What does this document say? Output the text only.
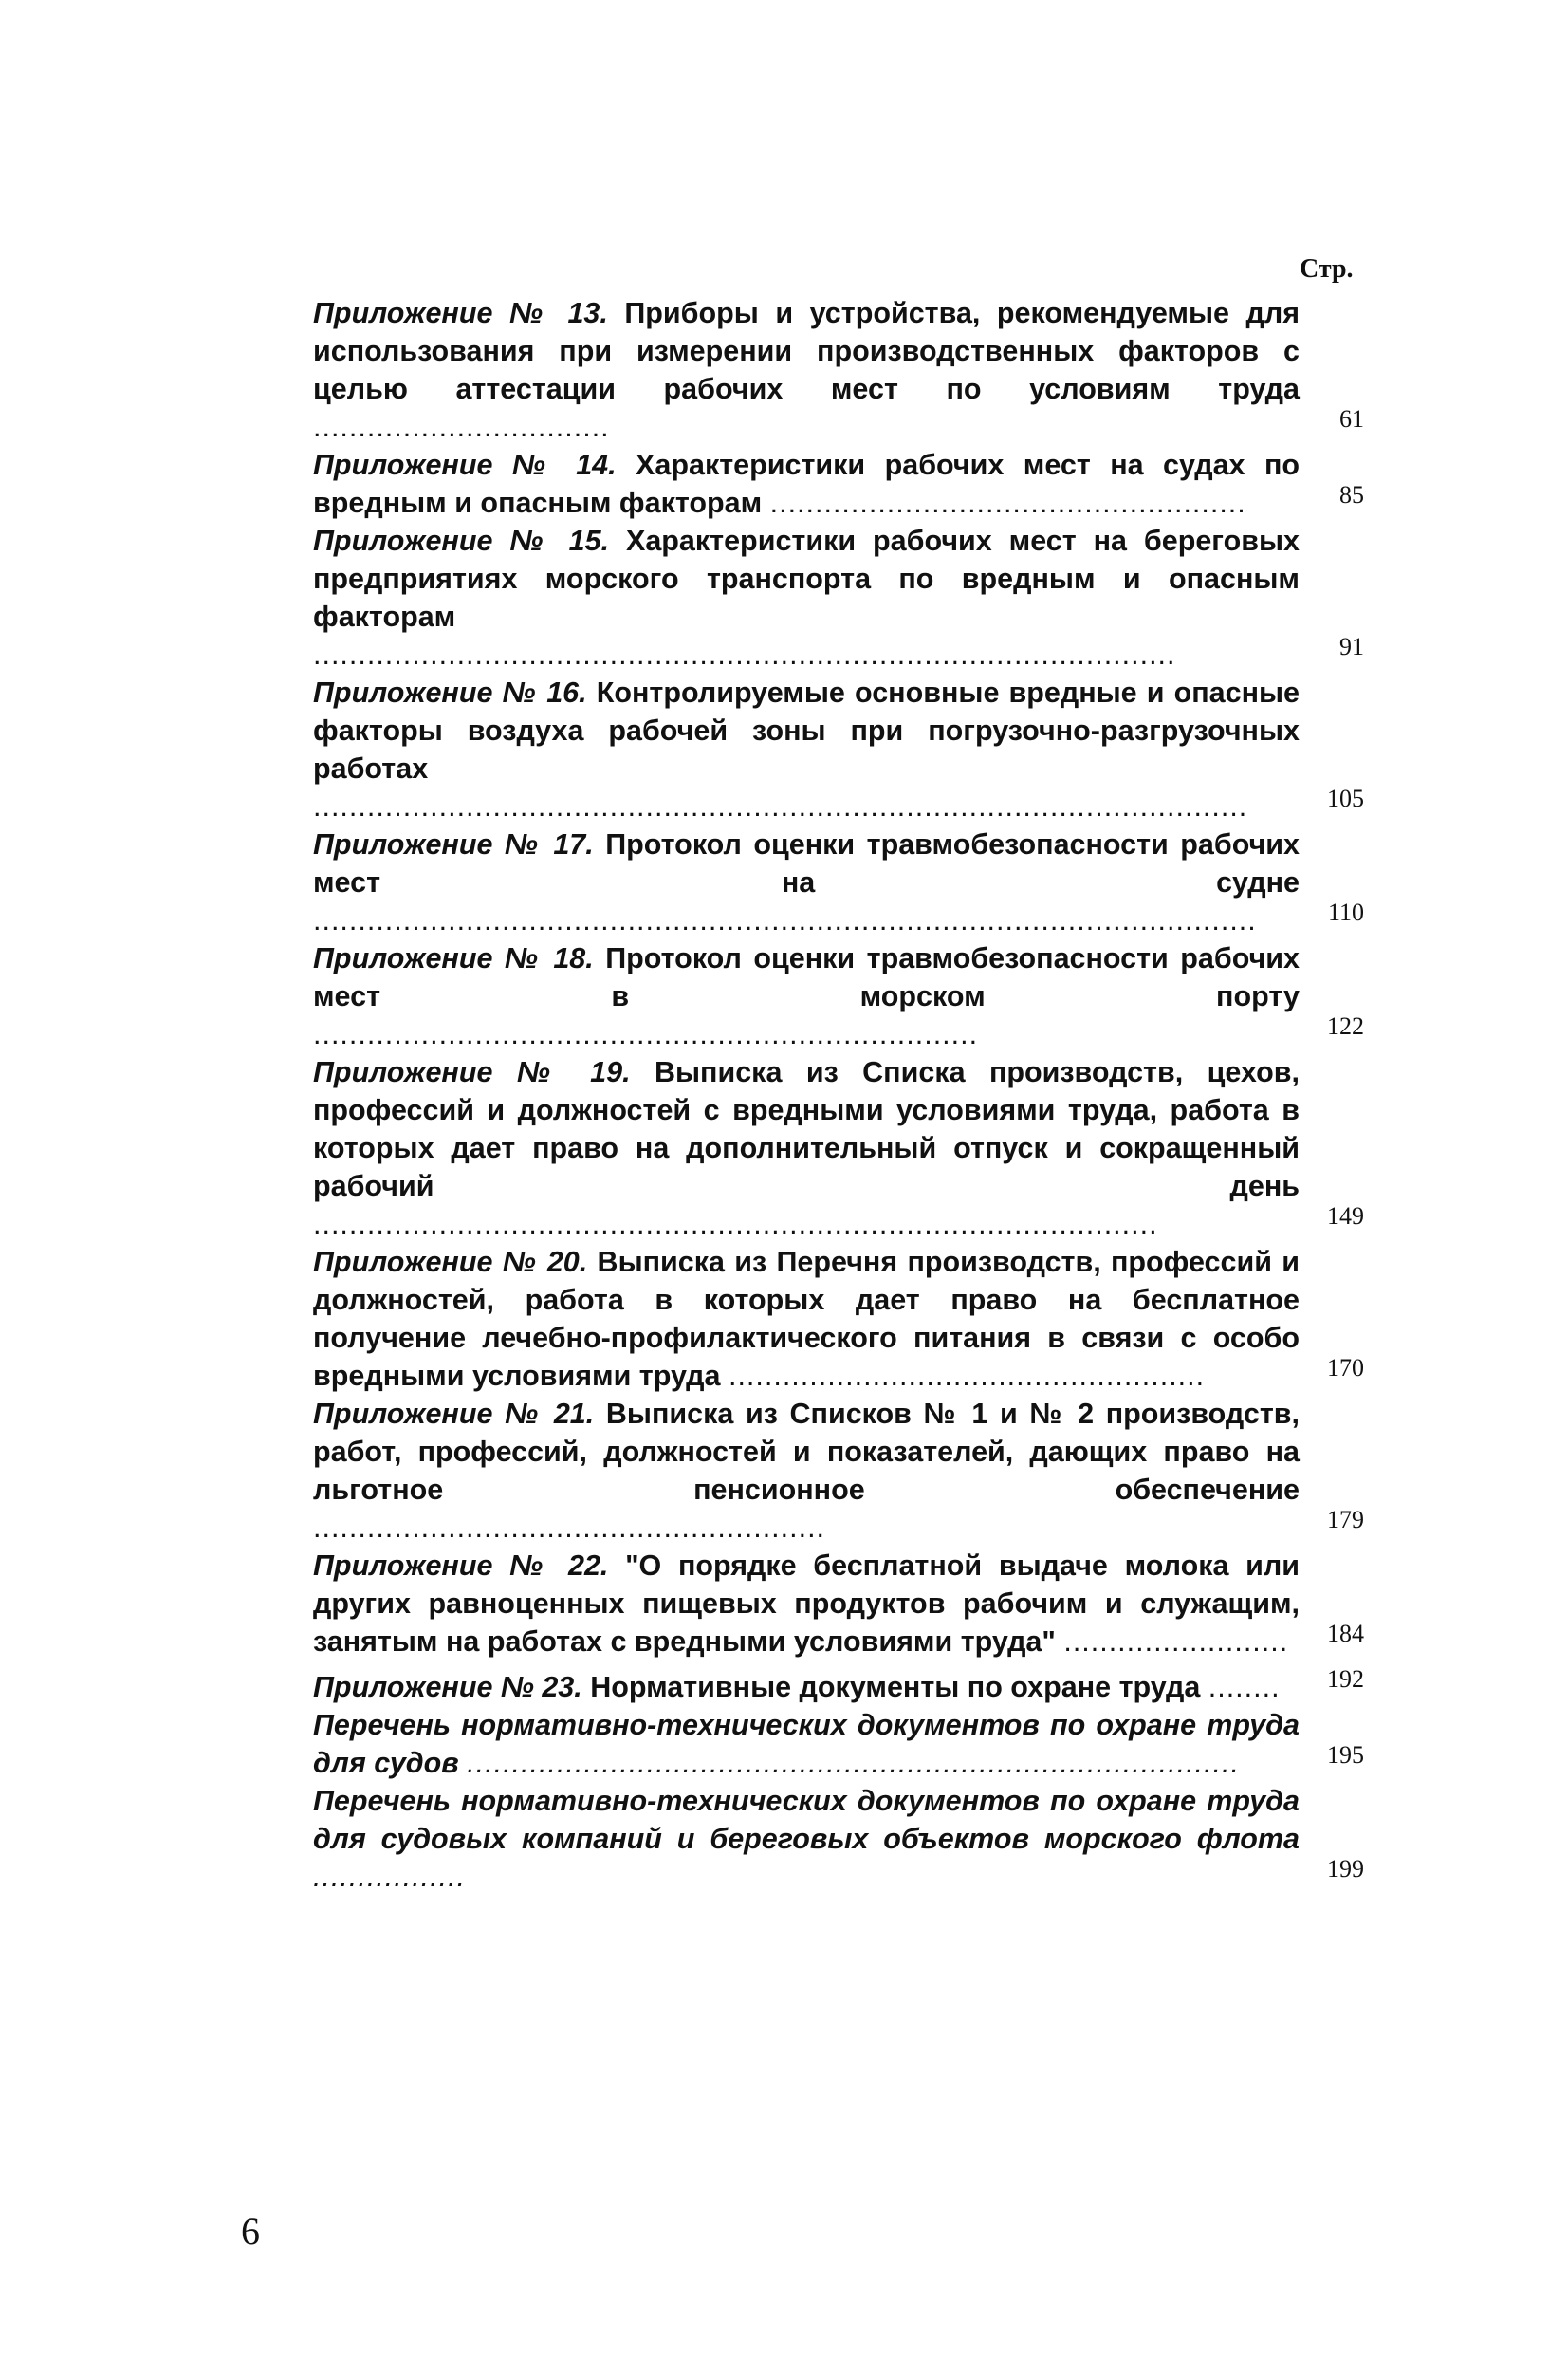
Стр.
Приложение № 13. Приборы и устройства, рекомендуемые для использования при измерении производственных факторов с целью аттестации рабочих мест по условиям труда .................................	61
Приложение № 14. Характеристики рабочих мест на судах по вредным и опасным факторам .....................................................	85
Приложение № 15. Характеристики рабочих мест на береговых предприятиях морского транспорта по вредным и опасным факторам ................................................................................................	91
Приложение № 16. Контролируемые основные вредные и опасные факторы воздуха рабочей зоны при погрузочно-разгрузочных работах ........................................................................................................	105
Приложение № 17. Протокол оценки травмобезопасности рабочих мест на судне .........................................................................................................	110
Приложение № 18. Протокол оценки травмобезопасности рабочих мест в морском порту ..........................................................................	122
Приложение № 19. Выписка из Списка производств, цехов, профессий и должностей с вредными условиями труда, работа в которых дает право на дополнительный отпуск и сокращенный рабочий день ..............................................................................................	149
Приложение № 20. Выписка из Перечня производств, профессий и должностей, работа в которых дает право на бесплатное получение лечебно-профилактического питания в связи с особо вредными условиями труда .....................................................	170
Приложение № 21. Выписка из Списков № 1 и № 2 производств, работ, профессий, должностей и показателей, дающих право на льготное пенсионное обеспечение .........................................................	179
Приложение № 22. "О порядке бесплатной выдаче молока или других равноценных пищевых продуктов рабочим и служащим, занятым на работах с вредными условиями труда" .........................	184
Приложение № 23. Нормативные документы по охране труда ........	192
Перечень нормативно-технических документов по охране труда для судов ......................................................................................	195
Перечень нормативно-технических документов по охране труда для судовых компаний и береговых объектов морского флота .................	199
6
